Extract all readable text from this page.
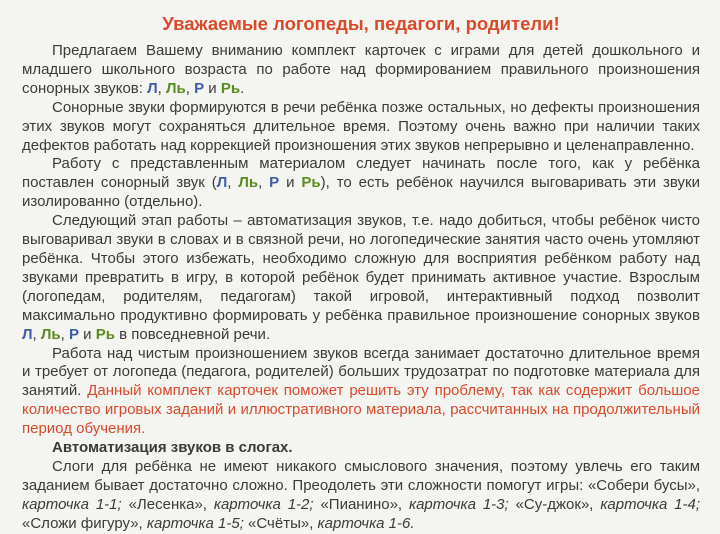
Уважаемые логопеды, педагоги, родители!

Предлагаем Вашему вниманию комплект карточек с играми для детей дошкольного и младшего школьного возраста по работе над формированием правильного произношения сонорных звуков: Л, Ль, Р и Рь.

Сонорные звуки формируются в речи ребёнка позже остальных, но дефекты произношения этих звуков могут сохраняться длительное время. Поэтому очень важно при наличии таких дефектов работать над коррекцией произношения этих звуков непрерывно и целенаправленно.

Работу с представленным материалом следует начинать после того, как у ребёнка поставлен сонорный звук (Л, Ль, Р и Рь), то есть ребёнок научился выговаривать эти звуки изолированно (отдельно).

Следующий этап работы – автоматизация звуков, т.е. надо добиться, чтобы ребёнок чисто выговаривал звуки в словах и в связной речи, но логопедические занятия часто очень утомляют ребёнка. Чтобы этого избежать, необходимо сложную для восприятия ребёнком работу над звуками превратить в игру, в которой ребёнок будет принимать активное участие. Взрослым (логопедам, родителям, педагогам) такой игровой, интерактивный подход позволит максимально продуктивно формировать у ребёнка правильное произношение сонорных звуков Л, Ль, Р и Рь в повседневной речи.

Работа над чистым произношением звуков всегда занимает достаточно длительное время и требует от логопеда (педагога, родителей) больших трудозатрат по подготовке материала для занятий. Данный комплект карточек поможет решить эту проблему, так как содержит большое количество игровых заданий и иллюстративного материала, рассчитанных на продолжительный период обучения.

Автоматизация звуков в слогах.

Слоги для ребёнка не имеют никакого смыслового значения, поэтому увлечь его таким заданием бывает достаточно сложно. Преодолеть эти сложности помогут игры: «Собери бусы», карточка 1-1; «Лесенка», карточка 1-2; «Пианино», карточка 1-3; «Су-джок», карточка 1-4; «Сложи фигуру», карточка 1-5; «Счёты», карточка 1-6.
